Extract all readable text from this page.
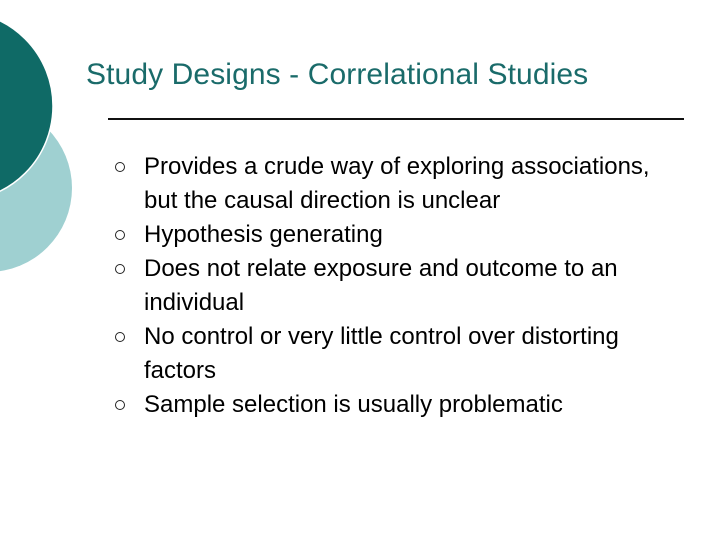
Study Designs - Correlational Studies
Provides a crude way of exploring associations, but the causal direction is unclear
Hypothesis generating
Does not relate exposure and outcome to an individual
No control or very little control over distorting factors
Sample selection is usually problematic
